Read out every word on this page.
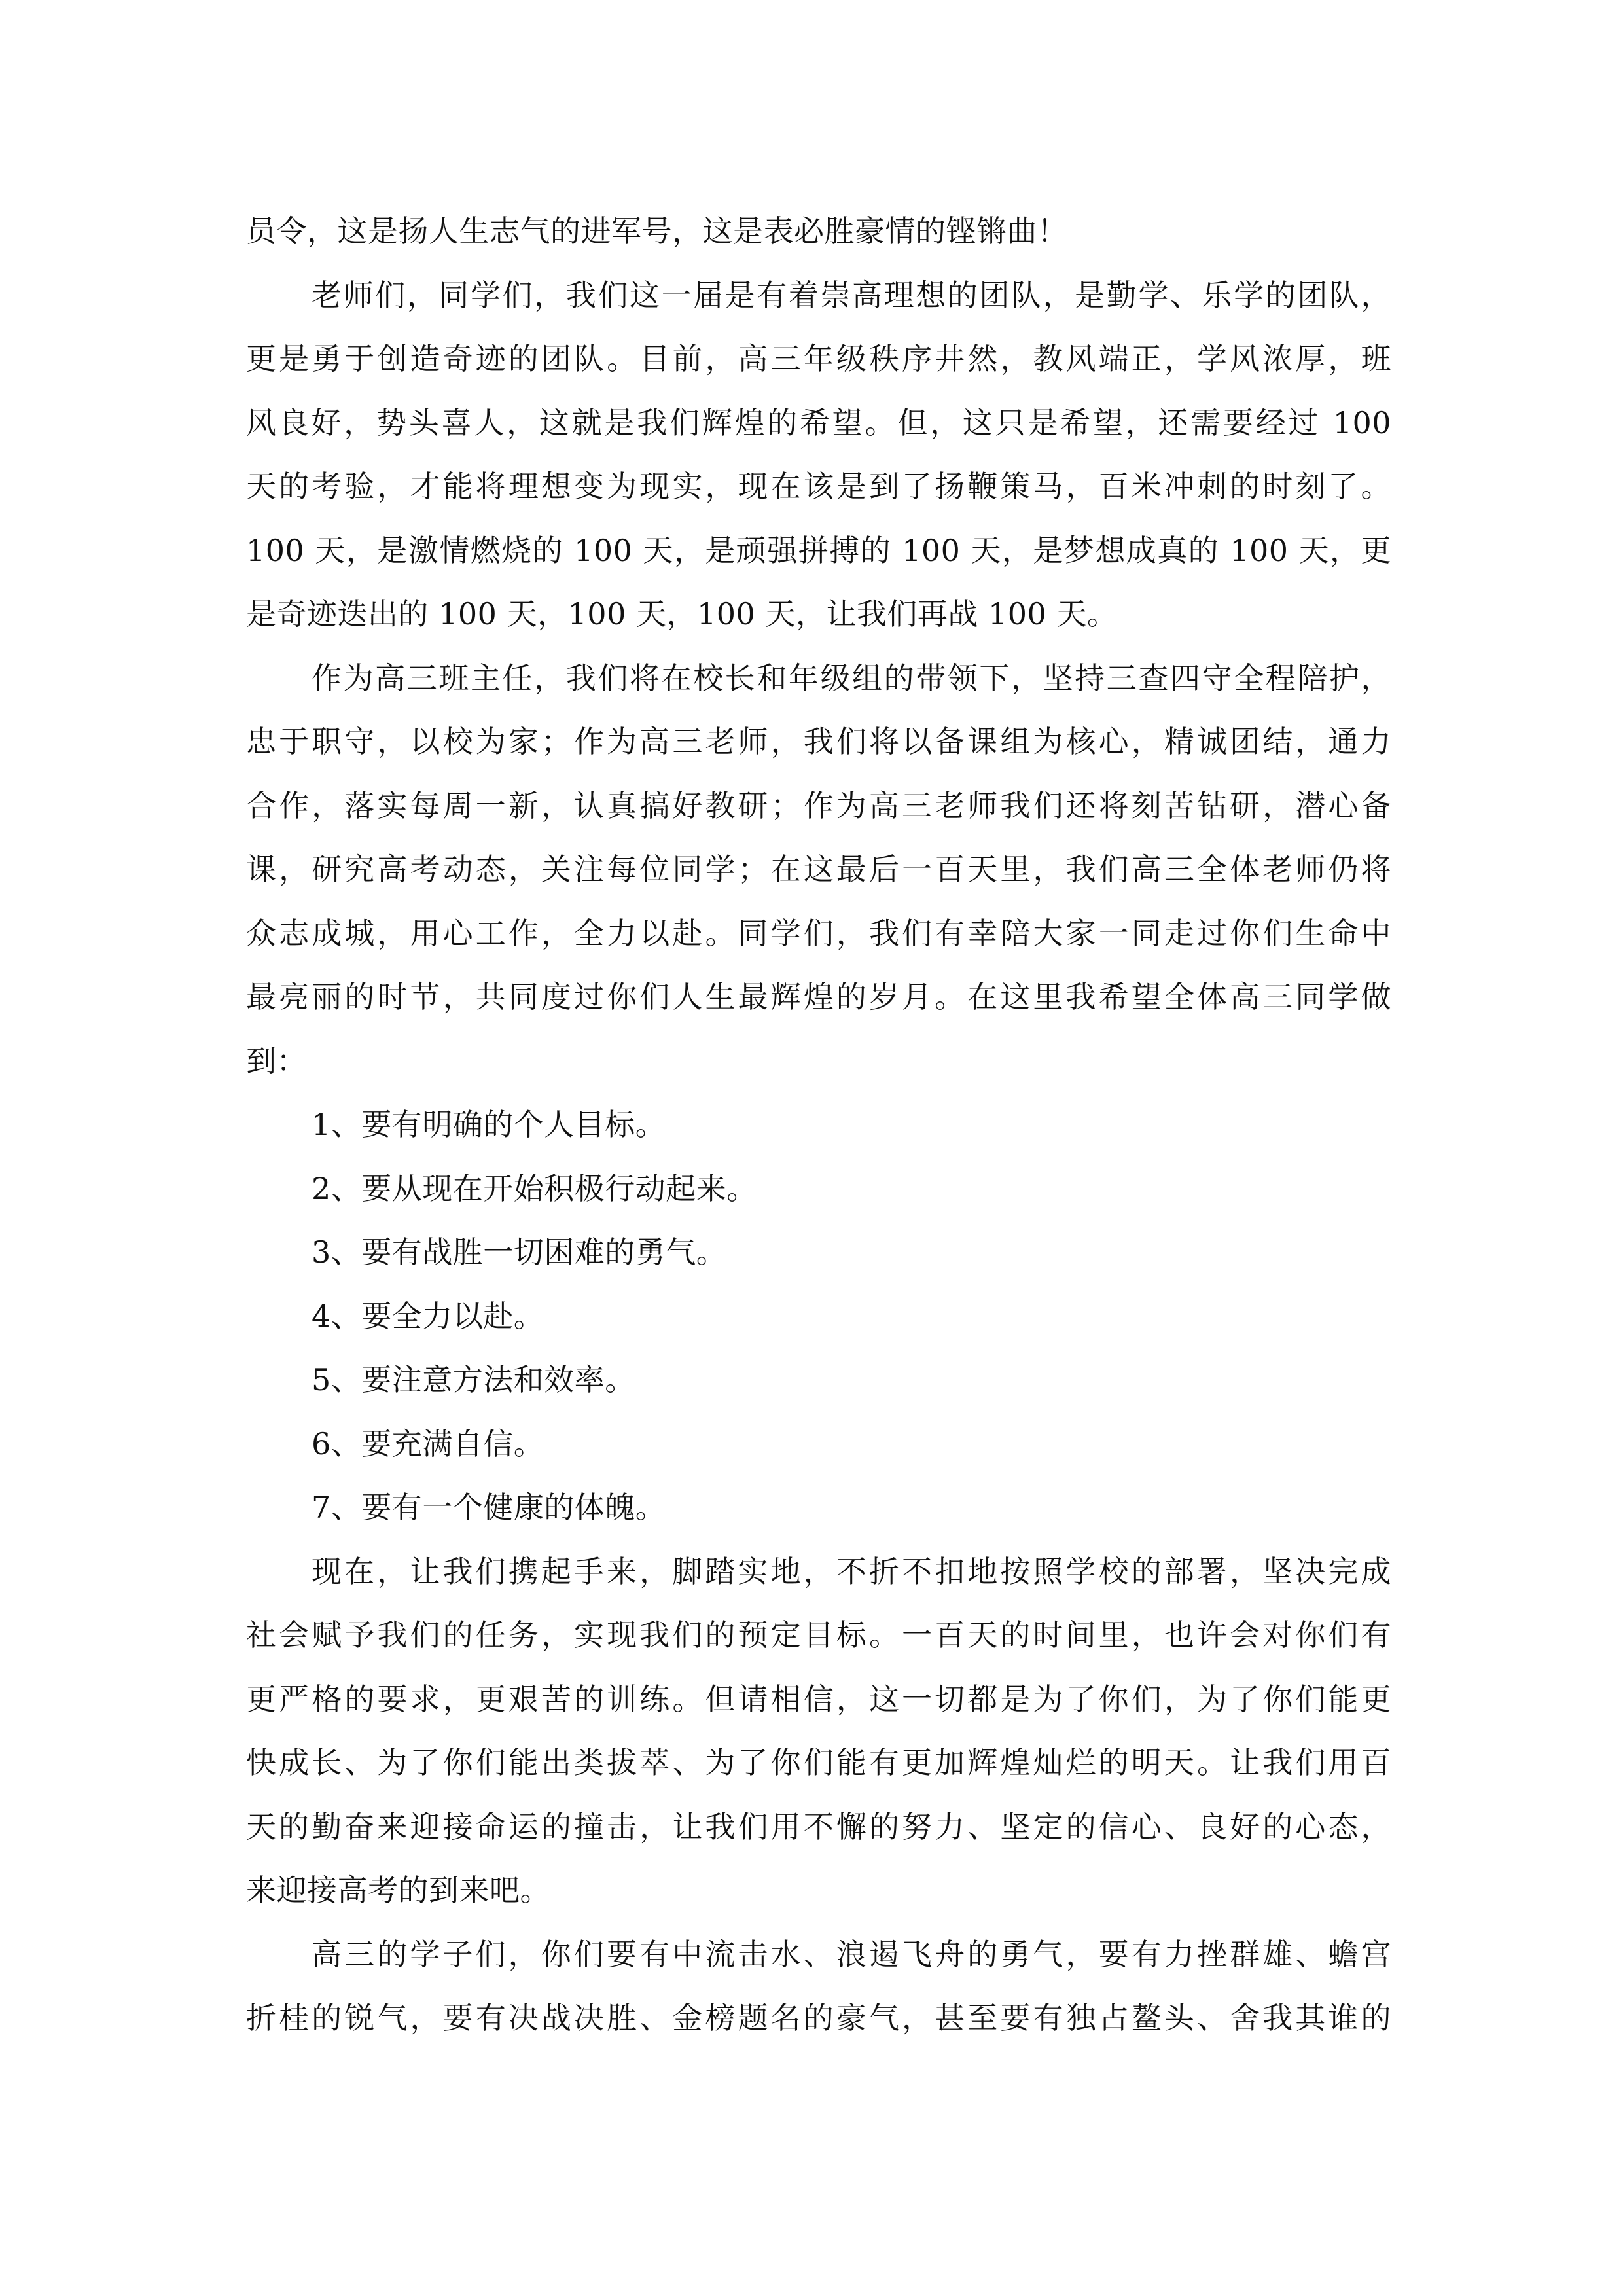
员令，这是扬人生志气的进军号，这是表必胜豪情的铿锵曲！
老师们，同学们，我们这一届是有着崇高理想的团队，是勤学、乐学的团队，
更是勇于创造奇迹的团队。目前，高三年级秩序井然，教风端正，学风浓厚，班
风良好，势头喜人，这就是我们辉煌的希望。但，这只是希望，还需要经过 100
天的考验，才能将理想变为现实，现在该是到了扬鞭策马，百米冲刺的时刻了。
100 天，是激情燃烧的 100 天，是顽强拼搏的 100 天，是梦想成真的 100 天，更
是奇迹迭出的 100 天，100 天，100 天，让我们再战 100 天。
作为高三班主任，我们将在校长和年级组的带领下，坚持三查四守全程陪护，
忠于职守，以校为家；作为高三老师，我们将以备课组为核心，精诚团结，通力
合作，落实每周一新，认真搞好教研；作为高三老师我们还将刻苦钻研，潜心备
课，研究高考动态，关注每位同学；在这最后一百天里，我们高三全体老师仍将
众志成城，用心工作，全力以赴。同学们，我们有幸陪大家一同走过你们生命中
最亮丽的时节，共同度过你们人生最辉煌的岁月。在这里我希望全体高三同学做
到：
1、要有明确的个人目标。
2、要从现在开始积极行动起来。
3、要有战胜一切困难的勇气。
4、要全力以赴。
5、要注意方法和效率。
6、要充满自信。
7、要有一个健康的体魄。
现在，让我们携起手来，脚踏实地，不折不扣地按照学校的部署，坚决完成
社会赋予我们的任务，实现我们的预定目标。一百天的时间里，也许会对你们有
更严格的要求，更艰苦的训练。但请相信，这一切都是为了你们，为了你们能更
快成长、为了你们能出类拔萃、为了你们能有更加辉煌灿烂的明天。让我们用百
天的勤奋来迎接命运的撞击，让我们用不懈的努力、坚定的信心、良好的心态，
来迎接高考的到来吧。
高三的学子们，你们要有中流击水、浪遏飞舟的勇气，要有力挫群雄、蟾宫
折桂的锐气，要有决战决胜、金榜题名的豪气，甚至要有独占鳌头、舍我其谁的
